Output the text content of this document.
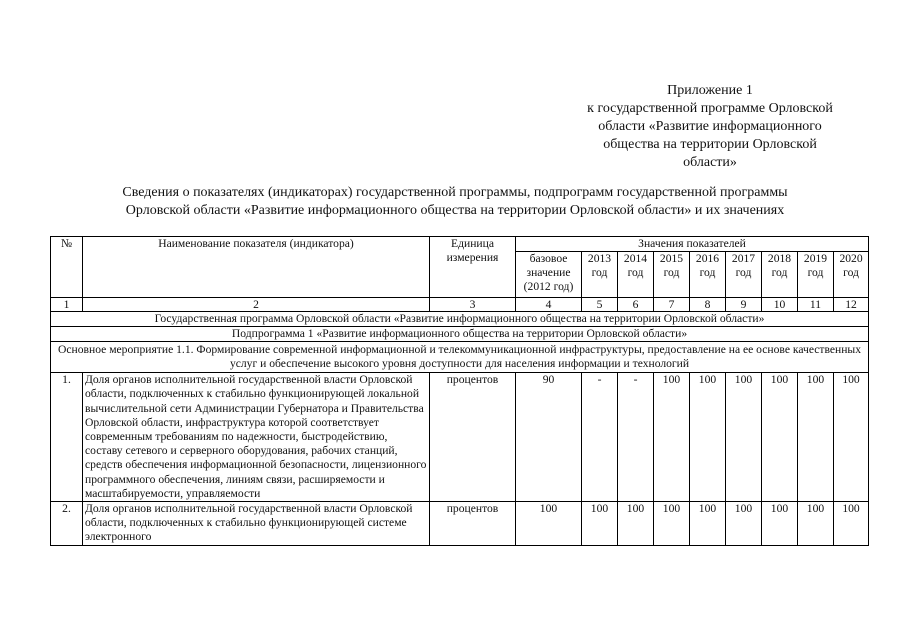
Приложение 1
к государственной программе Орловской
области «Развитие информационного
общества на территории Орловской
области»
Сведения о показателях (индикаторах) государственной программы, подпрограмм государственной программы
Орловской области «Развитие информационного общества на территории Орловской области» и их значениях
№	Наименование показателя (индикатора)	Единица измерения	Значения показателей								
			базовое значение (2012 год)	2013 год	2014 год	2015 год	2016 год	2017 год	2018 год	2019 год	2020 год
1	2	3	4	5	6	7	8	9	10	11	12
Государственная программа Орловской области «Развитие информационного общества на территории Орловской области»											
Подпрограмма 1 «Развитие информационного общества на территории Орловской области»											
Основное мероприятие 1.1. Формирование современной информационной и телекоммуникационной инфраструктуры, предоставление на ее основе качественных услуг и обеспечение высокого уровня доступности для населения информации и технологий											
1.	Доля органов исполнительной государственной власти Орловской области, подключенных к стабильно функционирующей локальной вычислительной сети Администрации Губернатора и Правительства Орловской области, инфраструктура которой соответствует современным требованиям по надежности, быстродействию, составу сетевого и серверного оборудования, рабочих станций, средств обеспечения информационной безопасности, лицензионного программного обеспечения, линиям связи, расширяемости и масштабируемости, управляемости	процентов	90	-	-	100	100	100	100	100	100
2.	Доля органов исполнительной государственной власти Орловской области, подключенных к стабильно функционирующей системе электронного	процентов	100	100	100	100	100	100	100	100	100
